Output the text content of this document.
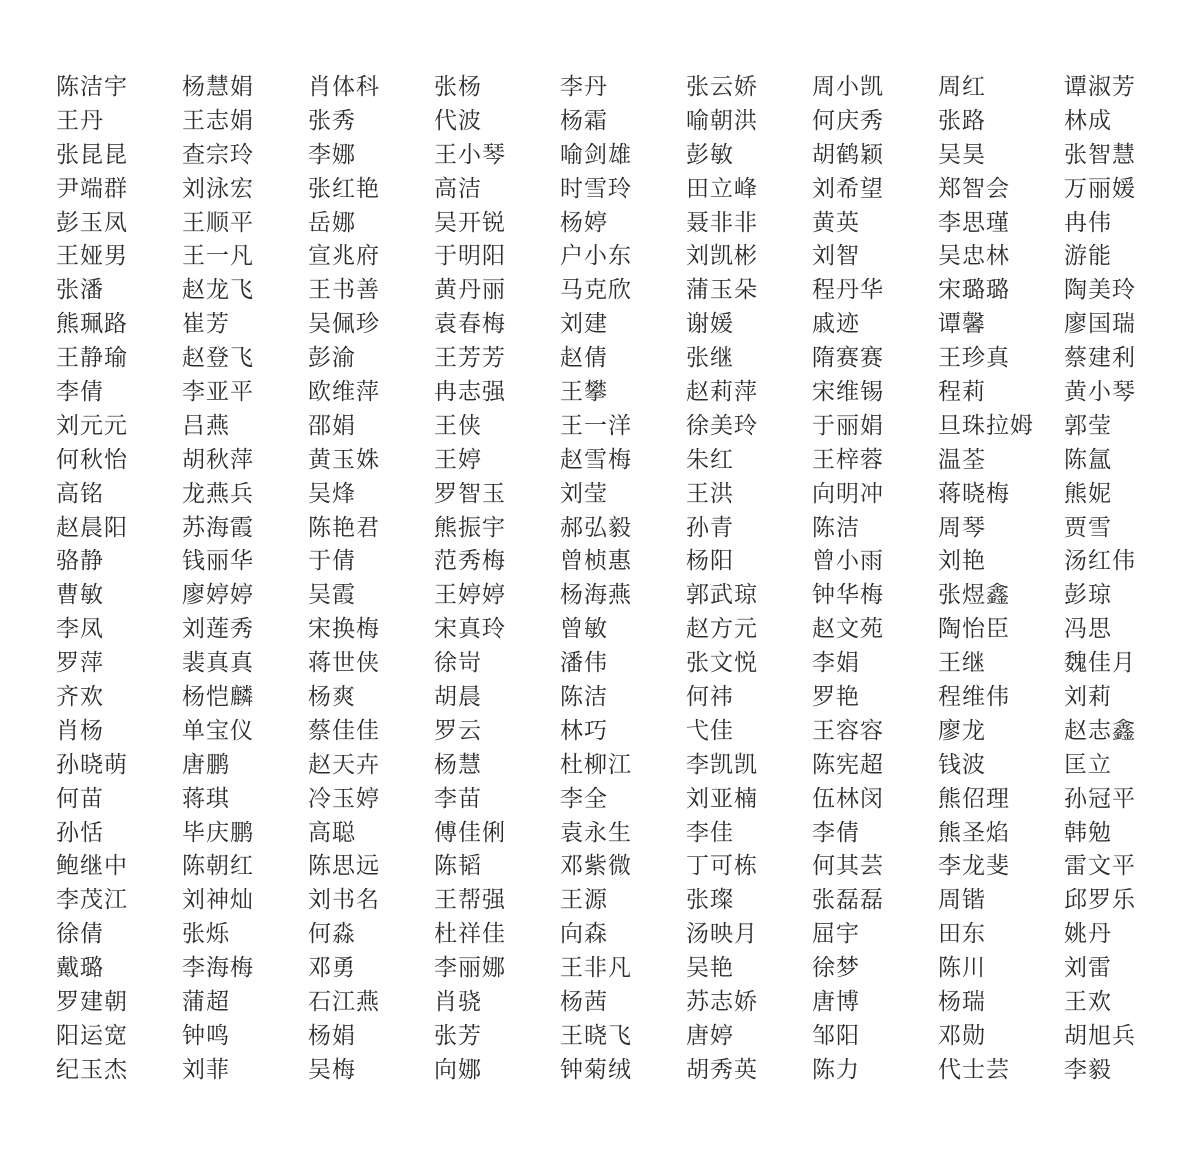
陈洁宇	杨慧娟	肖体科	张杨	李丹	张云娇	周小凯	周红	谭淑芳
王丹	王志娟	张秀	代波	杨霜	喻朝洪	何庆秀	张路	林成
张昆昆	查宗玲	李娜	王小琴	喻剑雄	彭敏	胡鹤颖	吴昊	张智慧
尹端群	刘泳宏	张红艳	高洁	时雪玲	田立峰	刘希望	郑智会	万丽媛
彭玉凤	王顺平	岳娜	吴开锐	杨婷	聂非非	黄英	李思瑾	冉伟
王娅男	王一凡	宣兆府	于明阳	户小东	刘凯彬	刘智	吴忠林	游能
张潘	赵龙飞	王书善	黄丹丽	马克欣	蒲玉朵	程丹华	宋璐璐	陶美玲
熊珮路	崔芳	吴佩珍	袁春梅	刘建	谢媛	戚迹	谭馨	廖国瑞
王静瑜	赵登飞	彭渝	王芳芳	赵倩	张继	隋赛赛	王珍真	蔡建利
李倩	李亚平	欧维萍	冉志强	王攀	赵莉萍	宋维锡	程莉	黄小琴
刘元元	吕燕	邵娟	王侠	王一洋	徐美玲	于丽娟	旦珠拉姆	郭莹
何秋怡	胡秋萍	黄玉姝	王婷	赵雪梅	朱红	王梓蓉	温荃	陈氲
高铭	龙燕兵	吴烽	罗智玉	刘莹	王洪	向明冲	蒋晓梅	熊妮
赵晨阳	苏海霞	陈艳君	熊振宇	郝弘毅	孙青	陈洁	周琴	贾雪
骆静	钱丽华	于倩	范秀梅	曾桢惠	杨阳	曾小雨	刘艳	汤红伟
曹敏	廖婷婷	吴霞	王婷婷	杨海燕	郭武琼	钟华梅	张煜鑫	彭琼
李凤	刘莲秀	宋换梅	宋真玲	曾敏	赵方元	赵文苑	陶怡臣	冯思
罗萍	裴真真	蒋世侠	徐岢	潘伟	张文悦	李娟	王继	魏佳月
齐欢	杨恺麟	杨爽	胡晨	陈洁	何祎	罗艳	程维伟	刘莉
肖杨	单宝仪	蔡佳佳	罗云	林巧	弋佳	王容容	廖龙	赵志鑫
孙晓萌	唐鹏	赵天卉	杨慧	杜柳江	李凯凯	陈宪超	钱波	匡立
何苗	蒋琪	冷玉婷	李苗	李全	刘亚楠	伍林闵	熊佋理	孙冠平
孙恬	毕庆鹏	高聪	傅佳俐	袁永生	李佳	李倩	熊圣焰	韩勉
鲍继中	陈朝红	陈思远	陈韬	邓紫微	丁可栋	何其芸	李龙斐	雷文平
李茂江	刘神灿	刘书名	王帮强	王源	张璨	张磊磊	周锴	邱罗乐
徐倩	张烁	何淼	杜祥佳	向森	汤映月	屈宇	田东	姚丹
戴璐	李海梅	邓勇	李丽娜	王非凡	吴艳	徐梦	陈川	刘雷
罗建朝	蒲超	石江燕	肖骁	杨茜	苏志娇	唐博	杨瑞	王欢
阳运宽	钟鸣	杨娟	张芳	王晓飞	唐婷	邹阳	邓勋	胡旭兵
纪玉杰	刘菲	吴梅	向娜	钟菊绒	胡秀英	陈力	代士芸	李毅
